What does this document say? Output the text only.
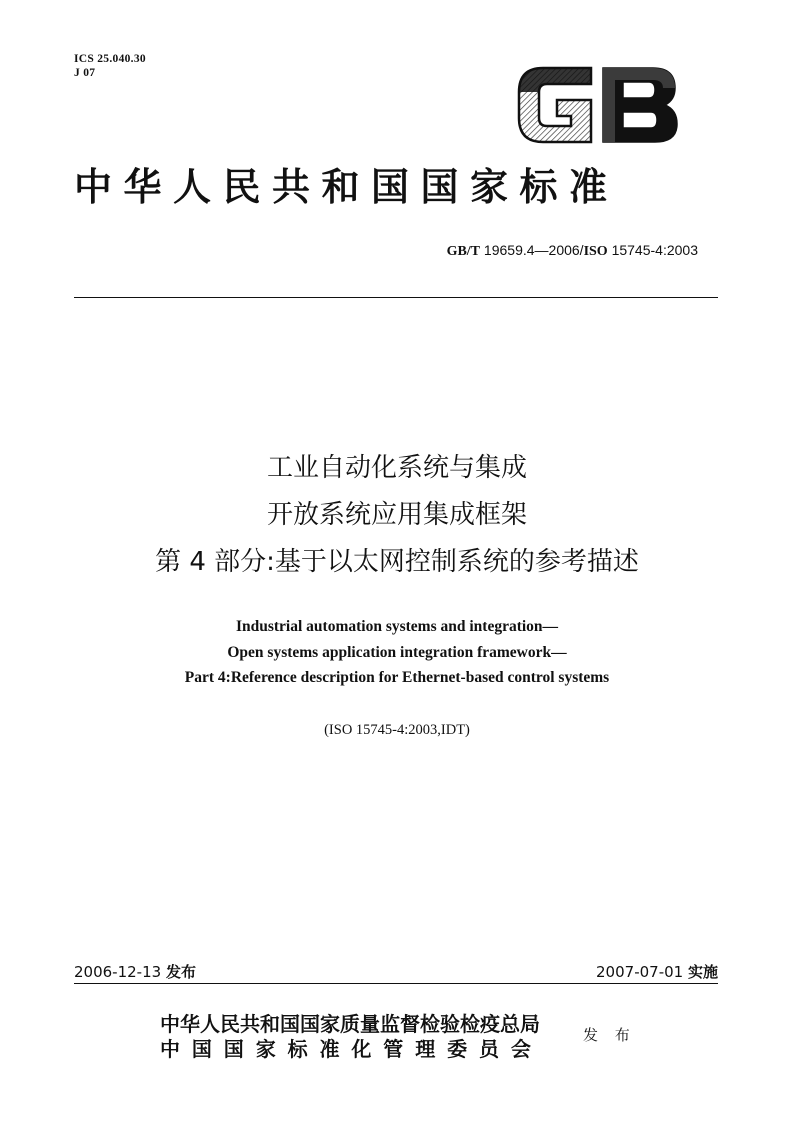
ICS 25.040.30
J 07
中华人民共和国国家标准
GB/T 19659.4—2006/ISO 15745-4:2003
工业自动化系统与集成
开放系统应用集成框架
第 4 部分:基于以太网控制系统的参考描述
Industrial automation systems and integration—
Open systems application integration framework—
Part 4:Reference description for Ethernet-based control systems
(ISO 15745-4:2003,IDT)
2006-12-13 发布	2007-07-01 实施
中华人民共和国国家质量监督检验检疫总局
中国国家标准化管理委员会
发 布
